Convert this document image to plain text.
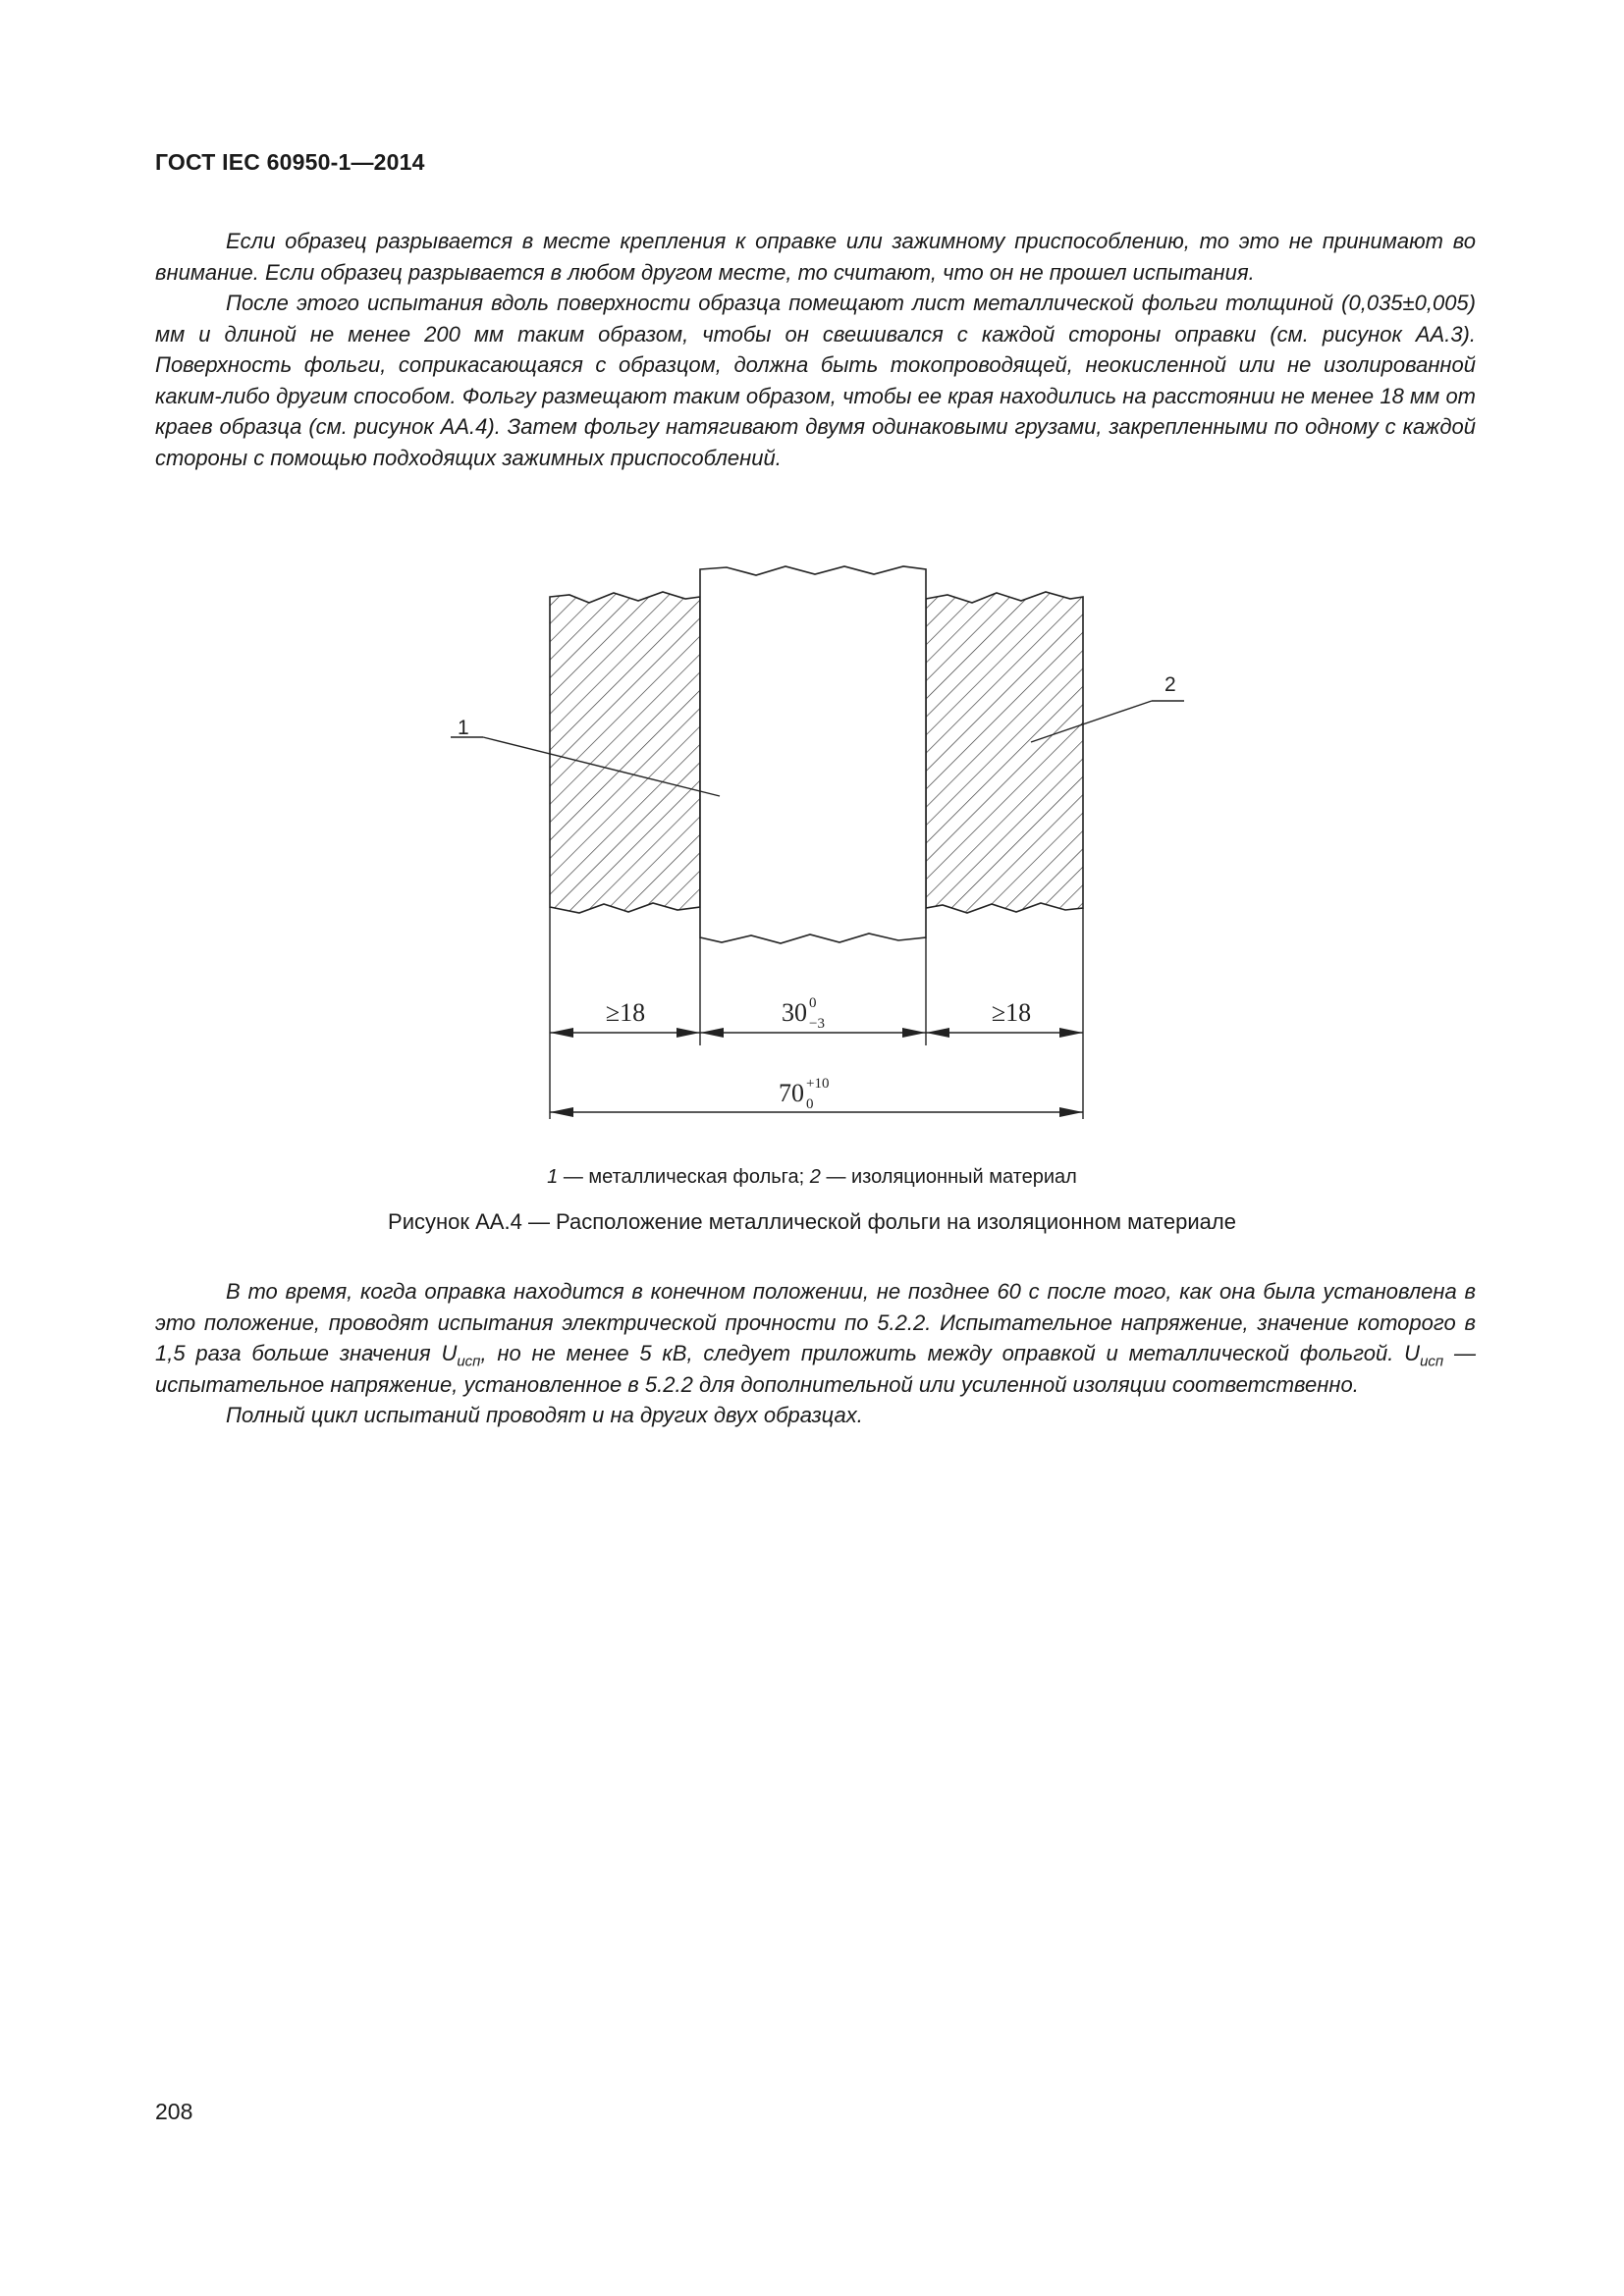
ГОСТ IEC 60950-1—2014

Если образец разрывается в месте крепления к оправке или зажимному приспособлению, то это не принимают во внимание. Если образец разрывается в любом другом месте, то считают, что он не прошел испытания.

После этого испытания вдоль поверхности образца помещают лист металлической фольги толщиной (0,035±0,005) мм и длиной не менее 200 мм таким образом, чтобы он свешивался с каждой стороны оправки (см. рисунок АА.3). Поверхность фольги, соприкасающаяся с образцом, должна быть токопроводящей, неокисленной или не изолированной каким-либо другим способом. Фольгу размещают таким образом, чтобы ее края находились на расстоянии не менее 18 мм от краев образца (см. рисунок АА.4). Затем фольгу натягивают двумя одинаковыми грузами, закрепленными по одному с каждой стороны с помощью подходящих зажимных приспособлений.

1
2
≥18	30 0
−3	≥18
70 +10
0
1 — металлическая фольга; 2 — изоляционный материал
Рисунок АА.4 — Расположение металлической фольги на изоляционном материале

В то время, когда оправка находится в конечном положении, не позднее 60 с после того, как она была установлена в это положение, проводят испытания электрической прочности по 5.2.2. Испытательное напряжение, значение которого в 1,5 раза больше значения $U_{исп}$, но не менее 5 кВ, следует приложить между оправкой и металлической фольгой. $U_{исп}$ — испытательное напряжение, установленное в 5.2.2 для дополнительной или усиленной изоляции соответственно.

Полный цикл испытаний проводят и на других двух образцах.

208
